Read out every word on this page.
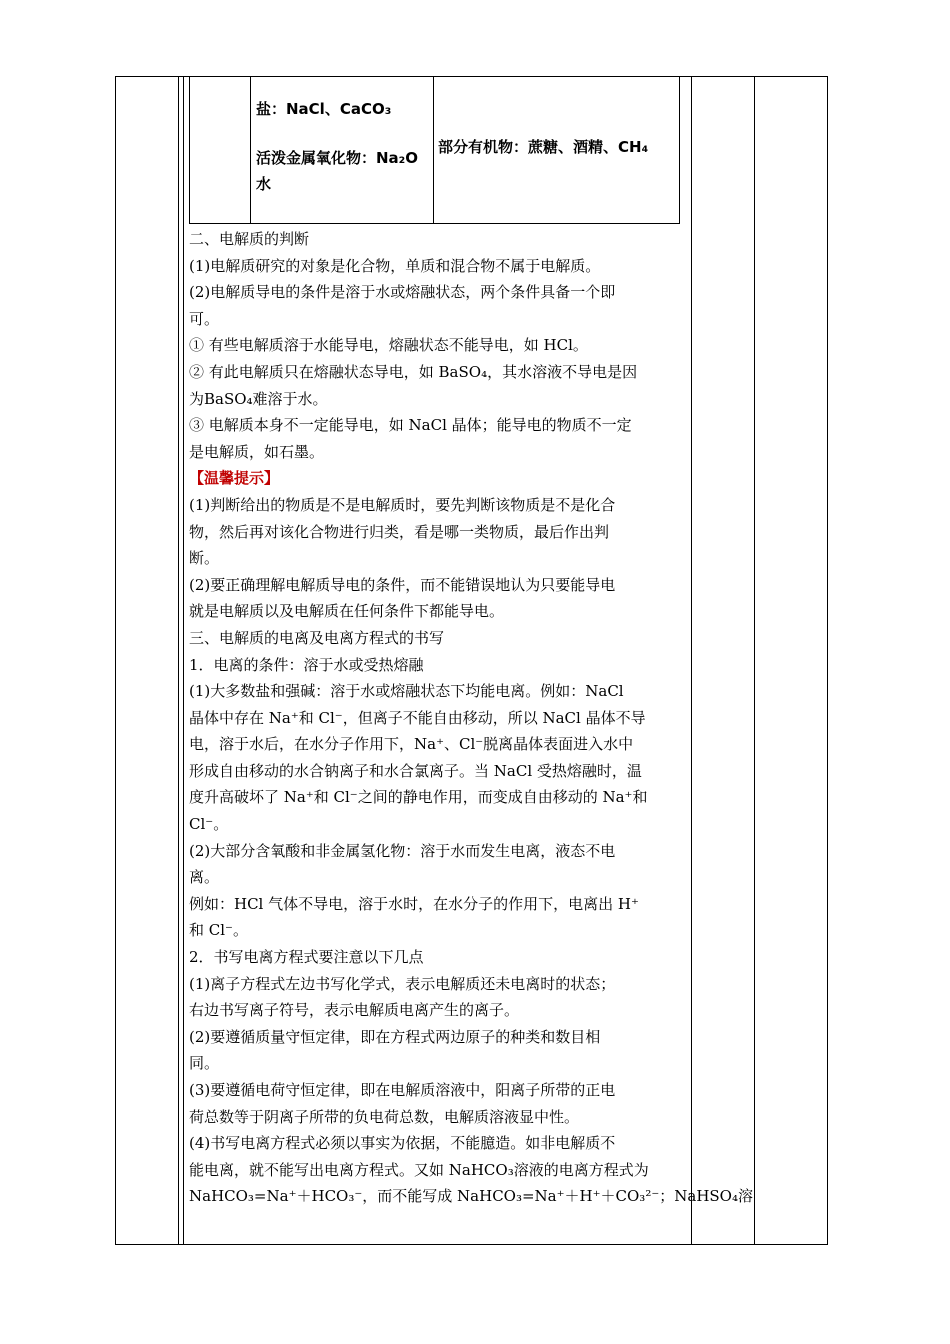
盐：NaCl、CaCO₃
活泼金属氧化物：Na₂O
水
部分有机物：蔗糖、酒精、CH₄

二、电解质的判断

(1)电解质研究的对象是化合物，单质和混合物不属于电解质。

(2)电解质导电的条件是溶于水或熔融状态，两个条件具备一个即

可。

① 有些电解质溶于水能导电，熔融状态不能导电，如 HCl。

② 有此电解质只在熔融状态导电，如 BaSO₄，其水溶液不导电是因

为BaSO₄难溶于水。

③ 电解质本身不一定能导电，如 NaCl 晶体；能导电的物质不一定

是电解质，如石墨。

【温馨提示】

(1)判断给出的物质是不是电解质时，要先判断该物质是不是化合

物，然后再对该化合物进行归类，看是哪一类物质，最后作出判

断。

(2)要正确理解电解质导电的条件，而不能错误地认为只要能导电

就是电解质以及电解质在任何条件下都能导电。

三、电解质的电离及电离方程式的书写

1．电离的条件：溶于水或受热熔融

(1)大多数盐和强碱：溶于水或熔融状态下均能电离。例如：NaCl

晶体中存在 Na⁺和 Cl⁻，但离子不能自由移动，所以 NaCl 晶体不导

电，溶于水后，在水分子作用下，Na⁺、Cl⁻脱离晶体表面进入水中

形成自由移动的水合钠离子和水合氯离子。当 NaCl 受热熔融时，温

度升高破坏了 Na⁺和 Cl⁻之间的静电作用，而变成自由移动的 Na⁺和

Cl⁻。

(2)大部分含氧酸和非金属氢化物：溶于水而发生电离，液态不电

离。

例如：HCl 气体不导电，溶于水时，在水分子的作用下，电离出 H⁺

和 Cl⁻。

2．书写电离方程式要注意以下几点

(1)离子方程式左边书写化学式，表示电解质还未电离时的状态；

右边书写离子符号，表示电解质电离产生的离子。

(2)要遵循质量守恒定律，即在方程式两边原子的种类和数目相

同。

(3)要遵循电荷守恒定律，即在电解质溶液中，阳离子所带的正电

荷总数等于阴离子所带的负电荷总数，电解质溶液显中性。

(4)书写电离方程式必须以事实为依据，不能臆造。如非电解质不

能电离，就不能写出电离方程式。又如 NaHCO₃溶液的电离方程式为

NaHCO₃=Na⁺＋HCO₃⁻，而不能写成 NaHCO₃=Na⁺＋H⁺＋CO₃²⁻；NaHSO₄溶
